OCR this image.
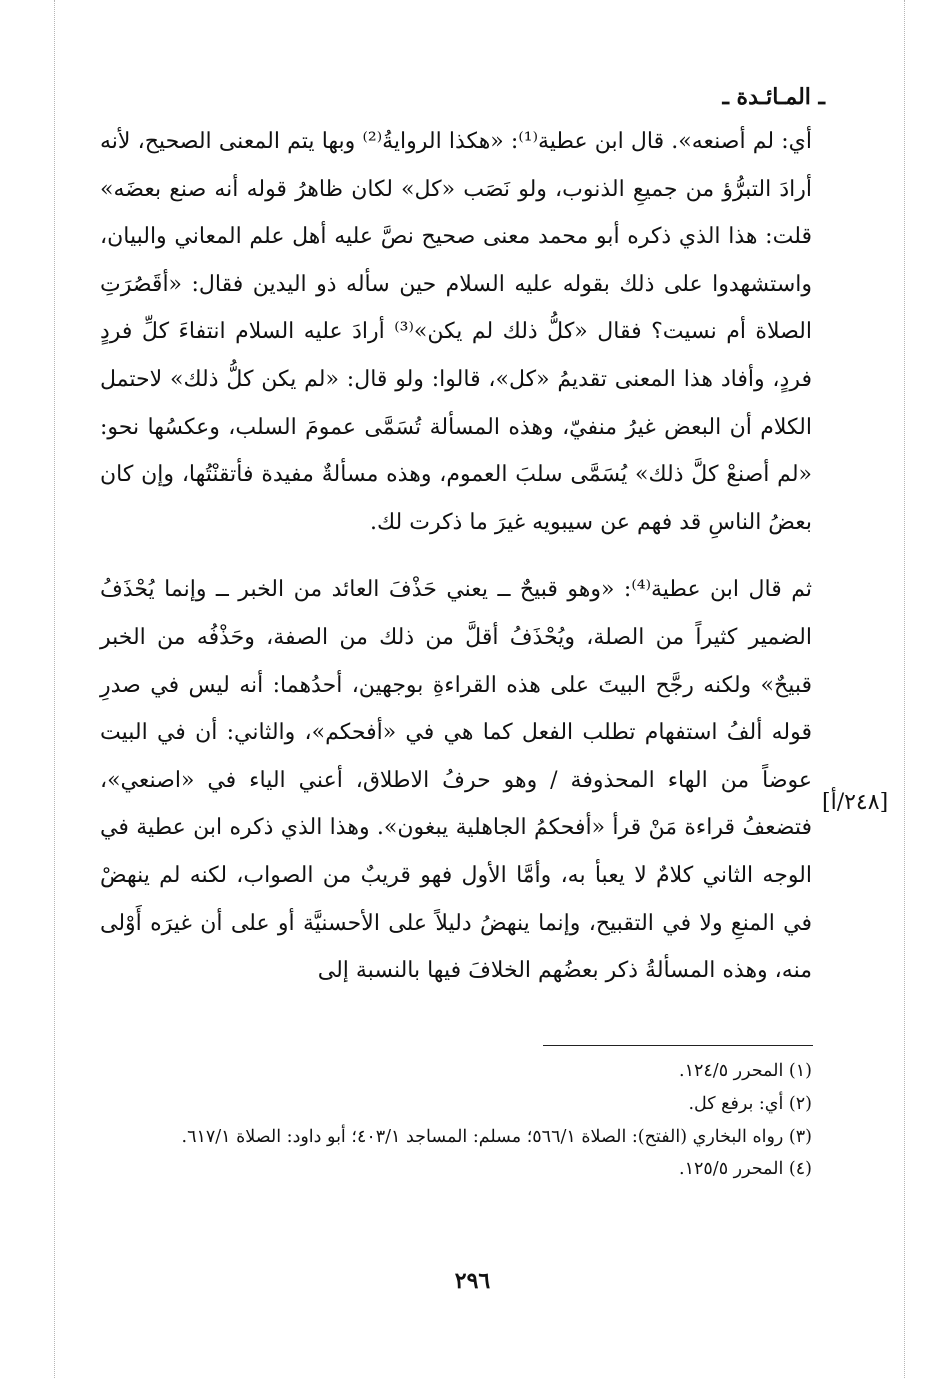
ـ المـائـدة ـ

أي: لم أصنعه». قال ابن عطية⁽¹⁾: «هكذا الروايةُ⁽²⁾ وبها يتم المعنى الصحيح، لأنه أرادَ التبرُّؤ من جميعِ الذنوب، ولو نَصَب «كل» لكان ظاهرُ قوله أنه صنع بعضَه» قلت: هذا الذي ذكره أبو محمد معنى صحيح نصَّ عليه أهل علم المعاني والبيان، واستشهدوا على ذلك بقوله عليه السلام حين سأله ذو اليدين فقال: «أقَصُرَتِ الصلاة أم نسيت؟ فقال «كلُّ ذلك لم يكن»⁽³⁾ أرادَ عليه السلام انتفاءَ كلِّ فردٍ فردٍ، وأفاد هذا المعنى تقديمُ «كل»، قالوا: ولو قال: «لم يكن كلُّ ذلك» لاحتمل الكلام أن البعض غيرُ منفيّ، وهذه المسألة تُسَمَّى عمومَ السلب، وعكسُها نحو: «لم أصنعْ كلَّ ذلك» يُسَمَّى سلبَ العموم، وهذه مسألةٌ مفيدة فأتقنْتُها، وإن كان بعضُ الناسِ قد فهم عن سيبويه غيرَ ما ذكرت لك.

ثم قال ابن عطية⁽⁴⁾: «وهو قبيحٌ ــ يعني حَذْفَ العائد من الخبر ــ وإنما يُحْذَفُ الضمير كثيراً من الصلة، ويُحْذَفُ أقلَّ من ذلك من الصفة، وحَذْفُه من الخبر قبيحٌ» ولكنه رجَّح البيتَ على هذه القراءةِ بوجهين، أحدُهما: أنه ليس في صدرِ قوله ألفُ استفهام تطلب الفعل كما هي في «أفحكم»، والثاني: أن في البيت عوضاً من الهاء المحذوفة / وهو حرفُ الاطلاق، أعني الياء في «اصنعي»، فتضعفُ قراءة مَنْ قرأ «أفحكمُ الجاهلية يبغون». وهذا الذي ذكره ابن عطية في الوجه الثاني كلامٌ لا يعبأ به، وأمَّا الأول فهو قريبٌ من الصواب، لكنه لم ينهضْ في المنعِ ولا في التقبيح، وإنما ينهضُ دليلاً على الأحسنيَّة أو على أن غيرَه أَوْلى منه، وهذه المسألةُ ذكر بعضُهم الخلافَ فيها بالنسبة إلى

[٢٤٨/أ]

(١) المحرر ١٢٤/٥.

(٢) أي: برفع كل.

(٣) رواه البخاري (الفتح): الصلاة ٥٦٦/١؛ مسلم: المساجد ٤٠٣/١؛ أبو داود: الصلاة ٦١٧/١.

(٤) المحرر ١٢٥/٥.

٢٩٦
